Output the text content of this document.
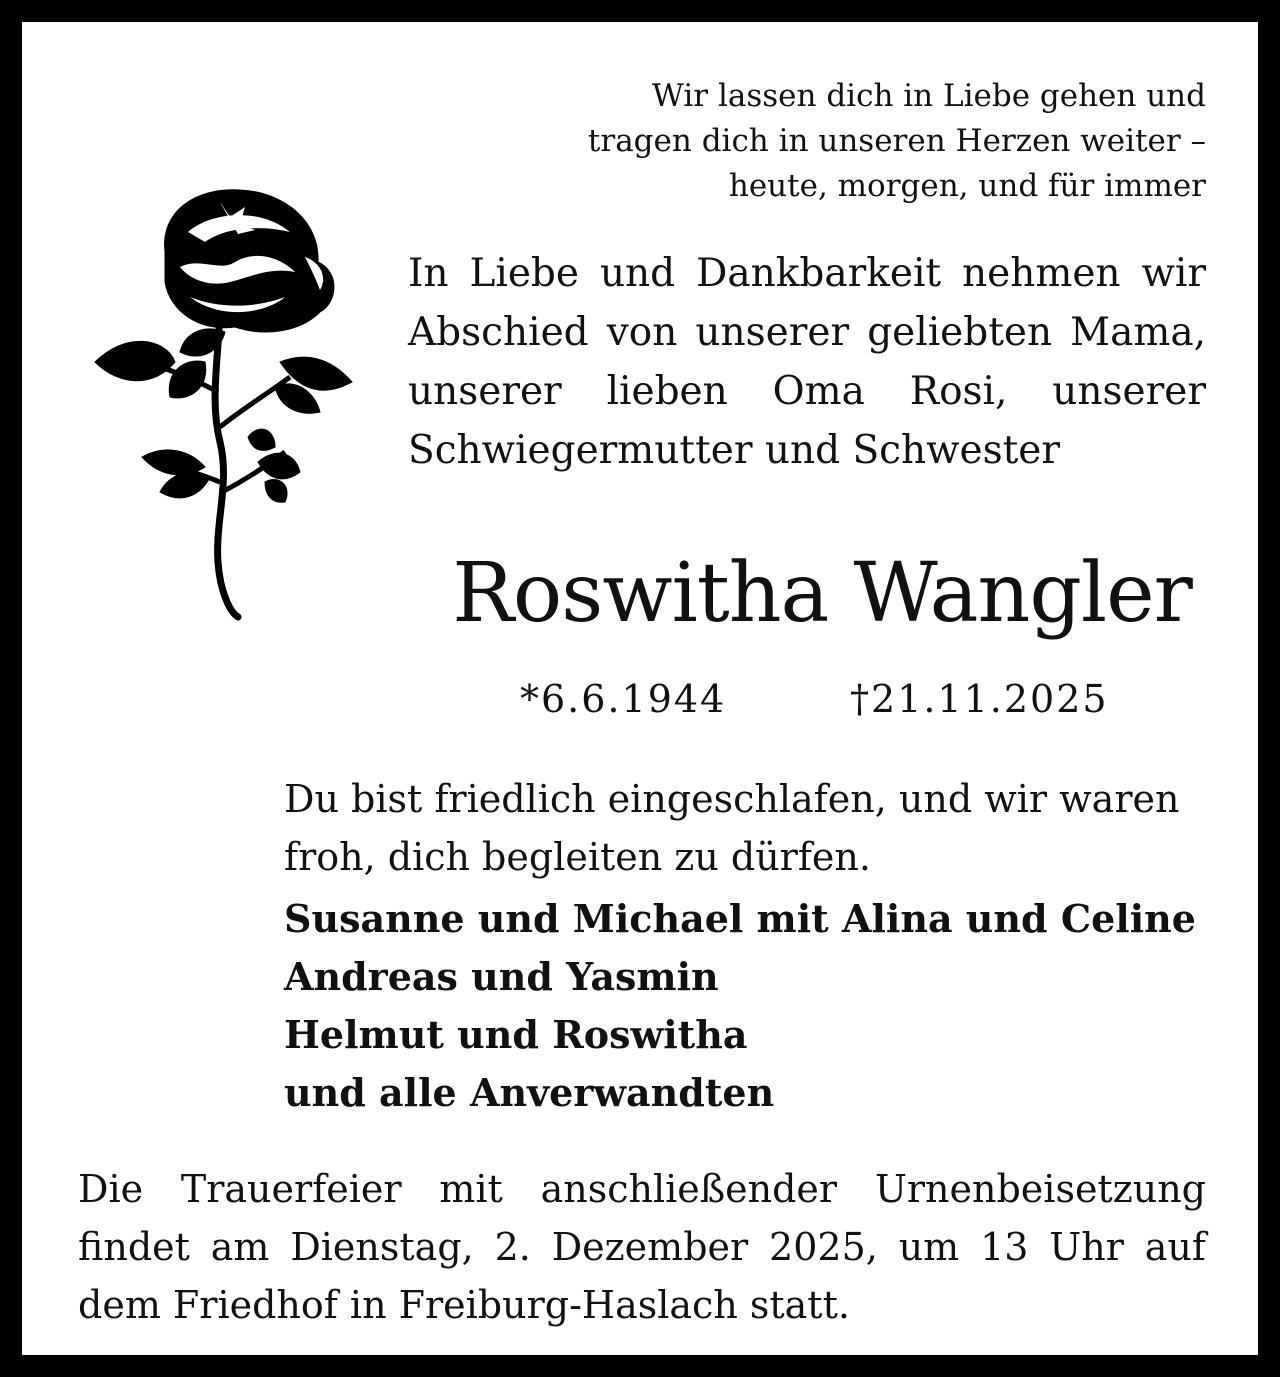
Wir lassen dich in Liebe gehen und
tragen dich in unseren Herzen weiter –
heute, morgen, und für immer
In Liebe und Dankbarkeit nehmen wir
Abschied von unserer geliebten Mama,
unserer lieben Oma Rosi, unserer
Schwiegermutter und Schwester
Roswitha Wangler
*6.6.1944	†21.11.2025
Du bist friedlich eingeschlafen, und wir waren
froh, dich begleiten zu dürfen.
Susanne und Michael mit Alina und Celine
Andreas und Yasmin
Helmut und Roswitha
und alle Anverwandten
Die Trauerfeier mit anschließender Urnenbeisetzung
findet am Dienstag, 2. Dezember 2025, um 13 Uhr auf
dem Friedhof in Freiburg-Haslach statt.
